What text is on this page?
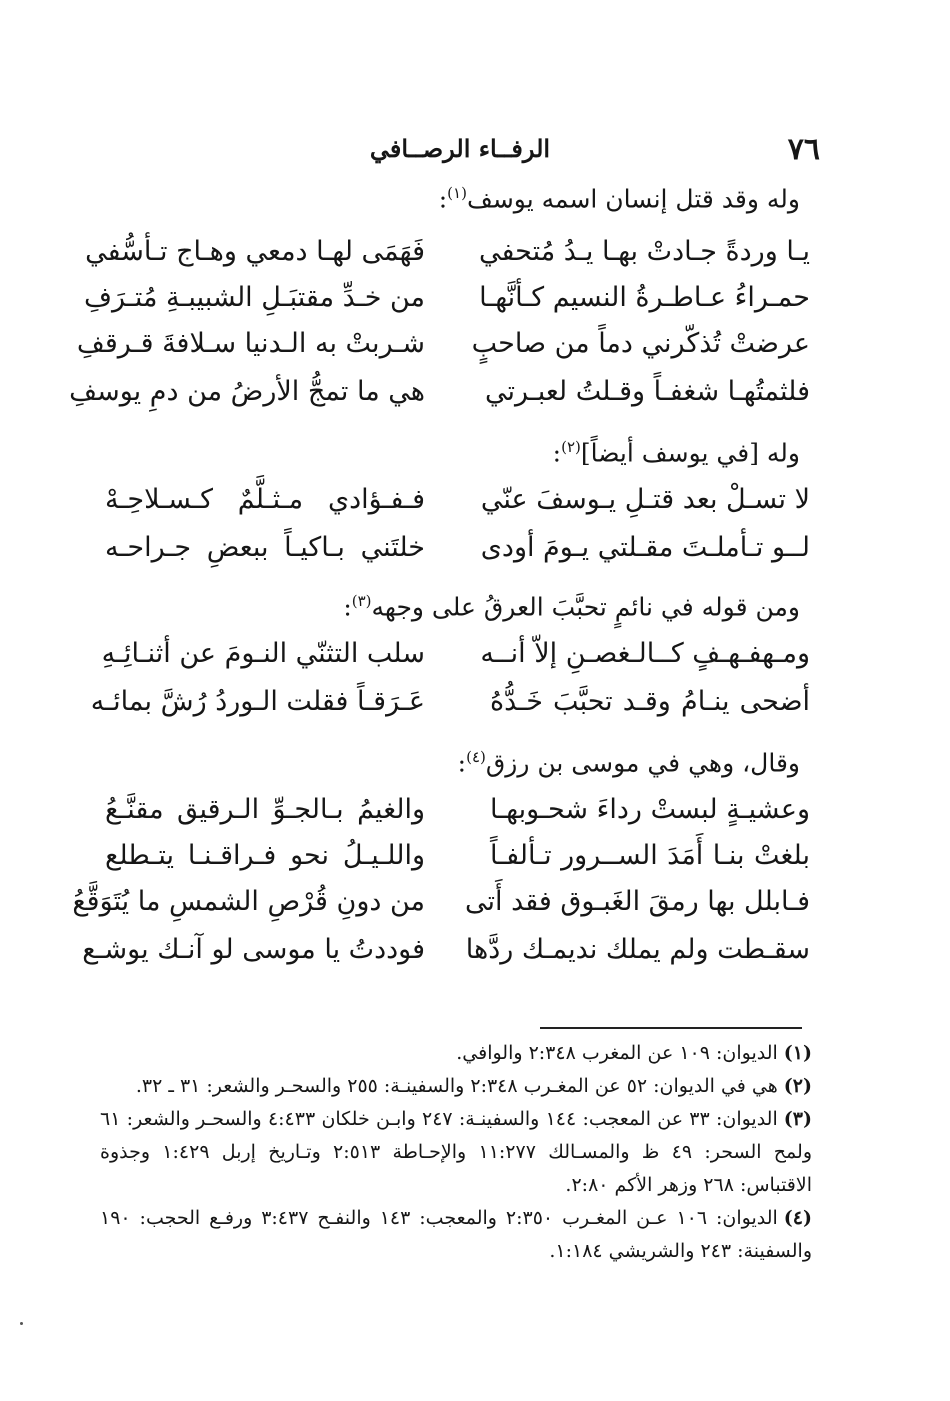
٧٦
الرفــاء الرصــافي
وله وقد قتل إنسان اسمه يوسف$^{(١)}$:
يـا وردةً جـادتْ بهـا يـدُ مُتحفي
فَهَمَى لهـا دمعي وهـاج تـأسُّفي
حمـراءُ عـاطـرةُ النسيم كـأنَّهـا
من خـدِّ مقتبَـلِ الشبيبـةِ مُتـرَفِ
عرضتْ تُذكّرني دماً من صاحبٍ
شـربتْ به الـدنيا سـلافةَ قـرقفِ
فلثمتُهـا شغفـاً وقـلتُ لعبـرتي
هي ما تمجُّ الأرضُ من دمِ يوسفِ
وله [في يوسف أيضاً]$^{(٢)}$:
لا تسـلْ بعد قتـلِ يـوسفَ عنّي
فـفـؤادي مـثـلَّمٌ كـسـلاحِـهْ
لــو تـأملـتَ مقـلتي يـومَ أودى
خلتَني بـاكيـاً ببعضِ جـراحـه
ومن قوله في نائمٍ تحبَّبَ العرقُ على وجهه$^{(٣)}$:
ومـهفـهـفٍ كــالـغصـنِ إلاّ أنــه
سلب التثنّي النـومَ عن أثنـائِـهِ
أضحى ينـامُ وقـد تحبَّبَ خَـدُّهُ
عَـرَقـاً فقلت الـوردُ رُشَّ بمائـه
وقال، وهي في موسى بن رزق$^{(٤)}$:
وعشيـةٍ لبستْ رداءَ شحـوبهـا
والغيمُ بـالجـوِّ الـرقيق مقنَّـعُ
بلغتْ بنـا أَمَدَ الســرور تـألفـاً
واللـيـلُ نحو فـراقـنـا يتـطلع
فـابلل بها رمقَ الغَبـوق فقد أَتى
من دونِ قُرْصِ الشمسِ ما يُتَوَقَّعُ
سقـطت ولم يملك نديمـك ردَّها
فوددتُ يا موسى لو آنـك يوشـع

(١)الديوان: ١٠٩ عن المغرب ٢:٣٤٨ والوافي.

(٢)هي في الديوان: ٥٢ عن المغـرب ٢:٣٤٨ والسفينـة: ٢٥٥ والسحـر والشعر: ٣١ ـ ٣٢.

(٣)الديوان: ٣٣ عن المعجب: ١٤٤ والسفينـة: ٢٤٧ وابـن خلكان ٤:٤٣٣ والسحـر والشعر: ٦١ ولمح السحر: ٤٩ ظ والمسـالك ١١:٢٧٧ والإحـاطة ٢:٥١٣ وتـاريخ إربل ١:٤٢٩ وجذوة الاقتباس: ٢٦٨ وزهر الأكم ٢:٨٠.

(٤)الديوان: ١٠٦ عـن المغـرب ٢:٣٥٠ والمعجب: ١٤٣ والنفـح ٣:٤٣٧ ورفـع الحجب: ١٩٠ والسفينة: ٢٤٣ والشريشي ١:١٨٤.
